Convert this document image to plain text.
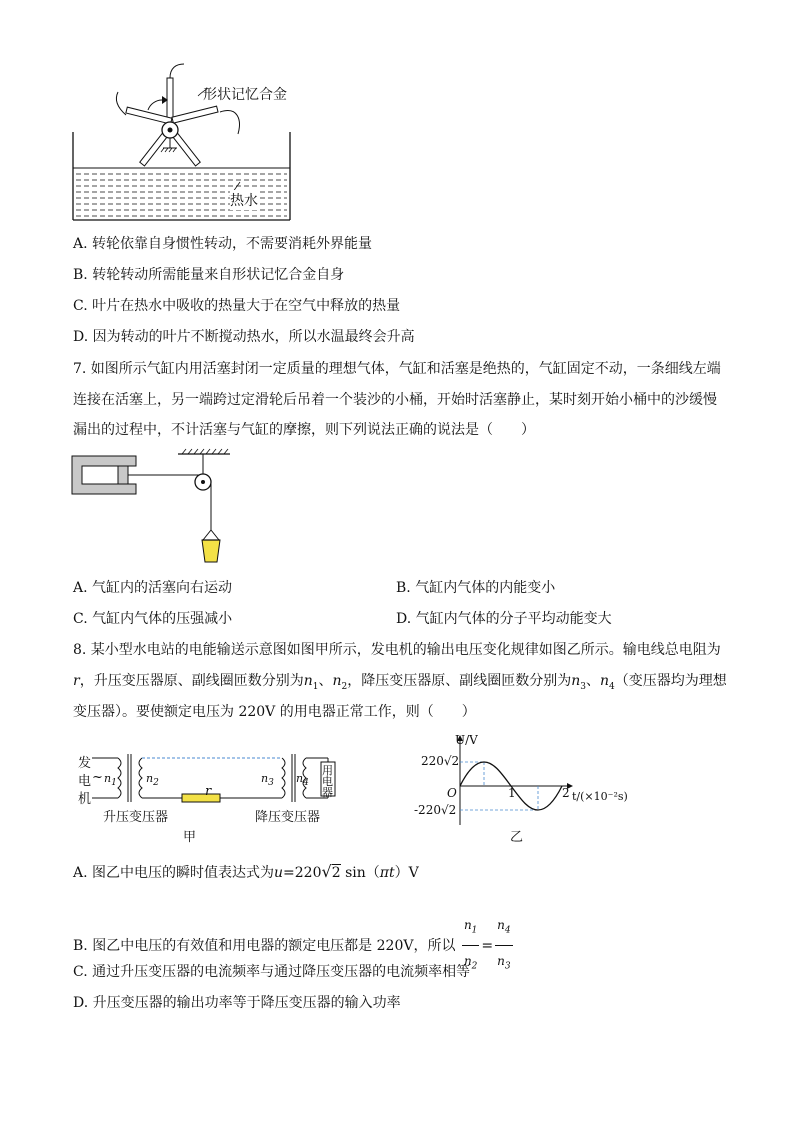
形状记忆合金
热水
A. 转轮依靠自身惯性转动，不需要消耗外界能量
B. 转轮转动所需能量来自形状记忆合金自身
C. 叶片在热水中吸收的热量大于在空气中释放的热量
D. 因为转动的叶片不断搅动热水，所以水温最终会升高
7. 如图所示气缸内用活塞封闭一定质量的理想气体，气缸和活塞是绝热的，气缸固定不动，一条细线左端
连接在活塞上，另一端跨过定滑轮后吊着一个装沙的小桶，开始时活塞静止，某时刻开始小桶中的沙缓慢
漏出的过程中，不计活塞与气缸的摩擦，则下列说法正确的说法是（　　）
A. 气缸内的活塞向右运动	B. 气缸内气体的内能变小
C. 气缸内气体的压强减小	D. 气缸内气体的分子平均动能变大
8. 某小型水电站的电能输送示意图如图甲所示，发电机的输出电压变化规律如图乙所示。输电线总电阻为
r，升压变压器原、副线圈匝数分别为$n_1$、$n_2$，降压变压器原、副线圈匝数分别为$n_3$、$n_4$（变压器均为理想
变压器）。要使额定电压为 220V 的用电器正常工作，则（　　）
发
电
机
~ $n_1$	$n_2$
r
$n_3$ $n_4$
用
电
器
升压变压器	降压变压器
甲
U/V
220√2
-220√2
O	1	2 t/(×10⁻²s)
乙
A. 图乙中电压的瞬时值表达式为u=220√2 sin（πt）V
B. 图乙中电压的有效值和用电器的额定电压都是 220V，所以 $\frac{n_1}{n_2} = \frac{n_4}{n_3}$
C. 通过升压变压器的电流频率与通过降压变压器的电流频率相等
D. 升压变压器的输出功率等于降压变压器的输入功率
